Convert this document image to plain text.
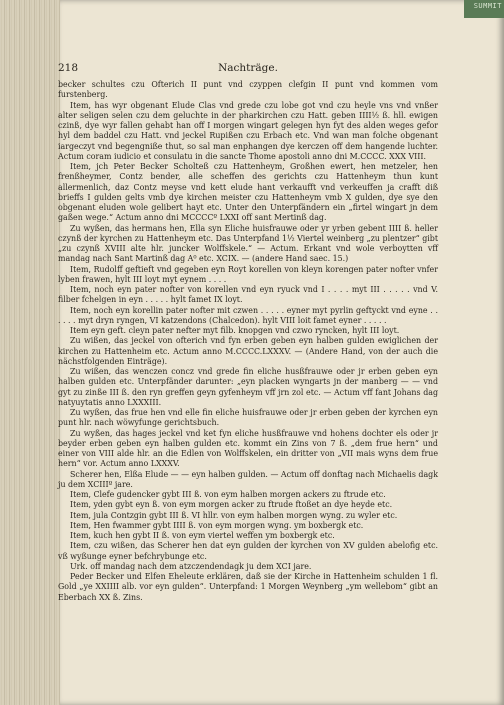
SUMMIT
218	Nachträge.

becker schultes czu Ofterich II punt vnd czyppen clefgin II punt vnd kommen vom furstenberg.

Item, has wyr obgenant Elude Clas vnd grede czu lobe got vnd czu heyle vns vnd vnßer alter seligen selen czu dem geluchte in der pharkirchen czu Hatt. geben IIII½ ß. hll. ewigen czinß, dye wyr fallen gehabt han off I morgen wingart gelegen hyn fyt des alden weges gefor hyl dem baddel czu Hatt. vnd jeckel Rupißen czu Erbach etc. Vnd wan man folche obgenant iargeczyt vnd begengniße thut, so sal man enphangen dye kerczen off dem hangende luchter. Actum coram iudicio et consulatu in die sancte Thome apostoli anno dni M.CCCC. XXX VIII.

Item, jch Peter Becker Scholteß czu Hattenheym, Großhen ewert, hen metzeler, hen frenßheymer, Contz bender, alle scheffen des gerichts czu Hattenheym thun kunt allermenlich, daz Contz meyse vnd kett elude hant verkaufft vnd verkeuffen ja crafft diß brieffs I gulden gelts vmb dye kirchen meister czu Hattenheym vmb X gulden, dye sye den obgenant eluden wole gelibert hayt etc. Unter den Unterpfändern ein „firtel wingart jn dem gaßen wege.“ Actum anno dni MCCCCº LXXI off sant Mertinß dag.

Zu wyßen, das hermans hen, Ella syn Eliche huisfrauwe oder yr yrben gebent IIII ß. heller czynß der kyrchen zu Hattenheym etc. Das Unterpfand 1½ Viertel weinberg „zu plentzer“ gibt „zu czynß XVIII alte hlr. juncker Wolffskele.“ — Actum. Erkant vnd wole verboytten vff mandag nach Sant Martinß dag A⁰ etc. XCIX. — (andere Hand saec. 15.)

Item, Rudolff geftieft vnd gegeben eyn Royt korellen von kleyn korengen pater nofter vnfer lyben frawen, hylt III loyt myt eynem . . . .

Item, noch eyn pater nofter von korellen vnd eyn ryuck vnd I . . . . myt III . . . . . vnd V. filber fchelgen in eyn . . . . . hylt famet IX loyt.

Item, noch eyn korellin pater nofter mit czwen . . . . . eyner myt pyrlin geftyckt vnd eyne . . . . . . myt dryn ryngen, VI katzendons (Chalcedon). hylt VIII loit famet eyner . . . . .

Item eyn geft. cleyn pater nefter myt filb. knopgen vnd czwo ryncken, hylt III loyt.

Zu wißen, das jeckel von ofterich vnd fyn erben geben eyn halben gulden ewiglichen der kirchen zu Hattenheim etc. Actum anno M.CCCC.LXXXV. — (Andere Hand, von der auch die nächstfolgenden Einträge).

Zu wißen, das wenczen concz vnd grede fin eliche husßfrauwe oder jr erben geben eyn halben gulden etc. Unterpfänder darunter: „eyn placken wyngarts jn der manberg — — vnd gyt zu zinße III ß. den ryn greffen geyn gyfenheym vff jrn zol etc. — Actum vff fant Johans dag natyuytatis anno LXXXIII.

Zu wyßen, das frue hen vnd elle fin eliche huisfrauwe oder jr erben geben der kyrchen eyn punt hlr. nach wöwyfunge gerichtsbuch.

Zu wyßen, das hages jeckel vnd ket fyn eliche husßfrauwe vnd hohens dochter els oder jr beyder erben geben eyn halben gulden etc. kommt ein Zins von 7 ß. „dem frue hern“ und einer von VIII alde hlr. an die Edlen von Wolffskelen, ein dritter von „VII mais wyns dem frue hern“ vor. Actum anno LXXXV.

Scherer hen, Elßa Elude — — eyn halben gulden. — Actum off donftag nach Michaelis dagk ju dem XCIIIº jare.

Item, Clefe gudencker gybt III ß. von eym halben morgen ackers zu ftrude etc.

Item, yden gybt eyn ß. von eym morgen acker zu ftrude ftoßet an dye heyde etc.

Item, jula Contzgin gybt III ß. VI hllr. von eym halben morgen wyng. zu wyler etc.

Item, Hen fwammer gybt IIII ß. von eym morgen wyng. ym boxbergk etc.

Item, kuch hen gybt II ß. von eym viertel weffen ym boxbergk etc.

Item, czu wißen, das Scherer hen dat eyn gulden der kyrchen von XV gulden abelofig etc. vß wyßunge eyner befchrybunge etc.

Urk. off mandag nach dem atzczendendagk ju dem XCI jare.

Peder Becker und Elfen Eheleute erklären, daß sie der Kirche in Hattenheim schulden 1 fl. Gold „ye XXIIII alb. vor eyn gulden“. Unterpfand: 1 Morgen Weynberg „ym wellebom“ gibt an Eberbach XX ß. Zins.
